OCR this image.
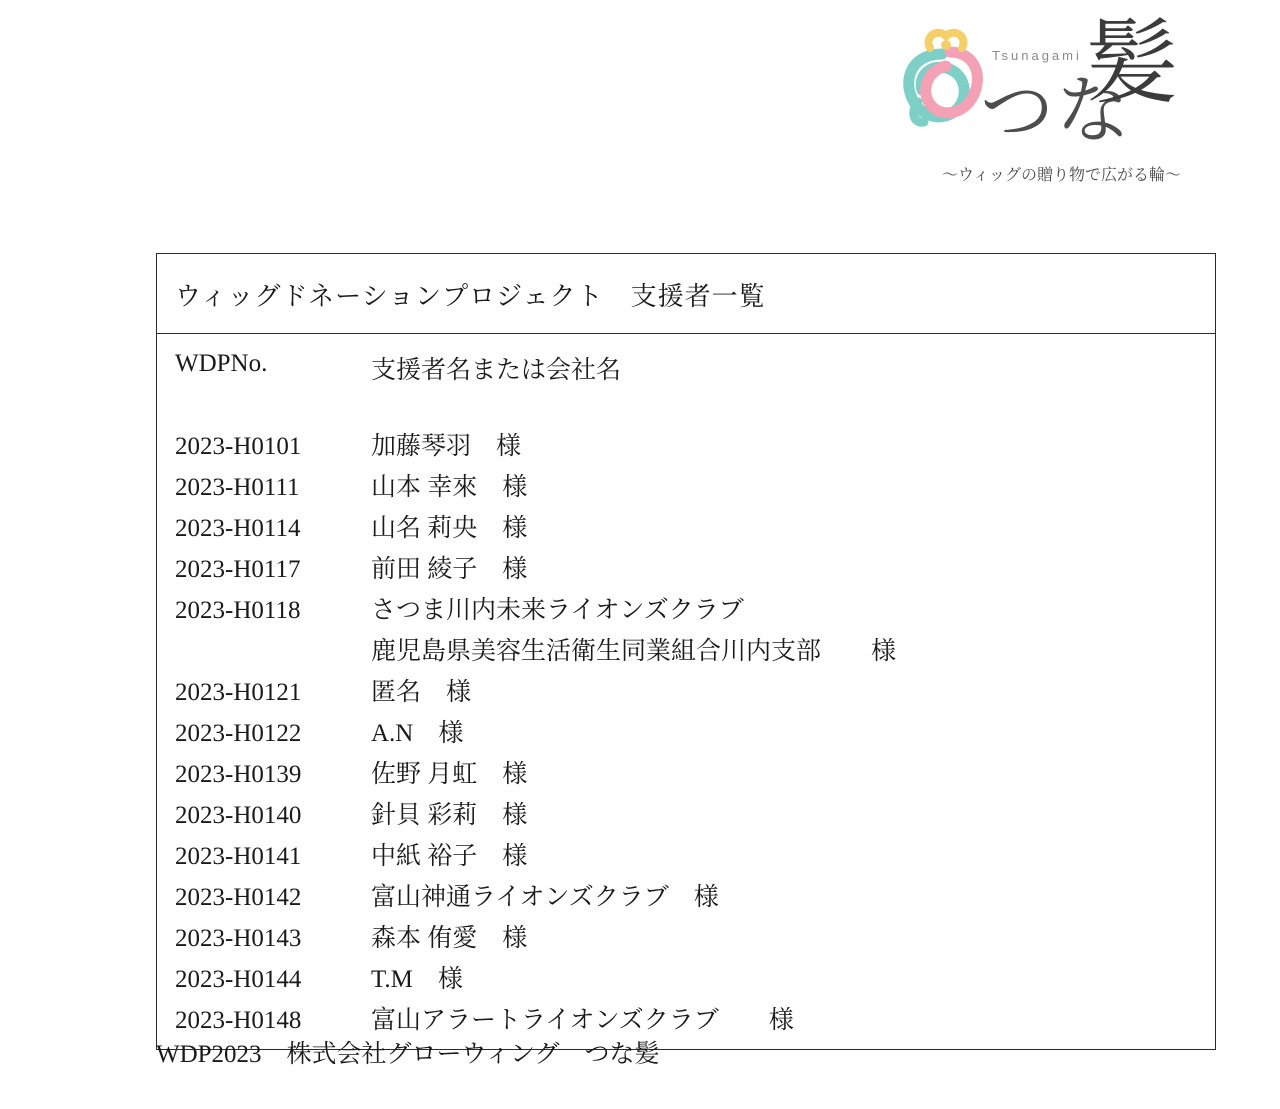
Tsunagami
つな
髪
〜ウィッグの贈り物で広がる輪〜
ウィッグドネーションプロジェクト　支援者一覧
WDPNo.	支援者名または会社名
2023-H0101	加藤琴羽　様
2023-H0111	山本 幸來　様
2023-H0114	山名 莉央　様
2023-H0117	前田 綾子　様
2023-H0118	さつま川内未来ライオンズクラブ
鹿児島県美容生活衛生同業組合川内支部　　様
2023-H0121	匿名　様
2023-H0122	A.N　様
2023-H0139	佐野 月虹　様
2023-H0140	針貝 彩莉　様
2023-H0141	中紙 裕子　様
2023-H0142	富山神通ライオンズクラブ　様
2023-H0143	森本 侑愛　様
2023-H0144	T.M　様
2023-H0148	富山アラートライオンズクラブ　　様
WDP2023　株式会社グローウィング　つな髪
